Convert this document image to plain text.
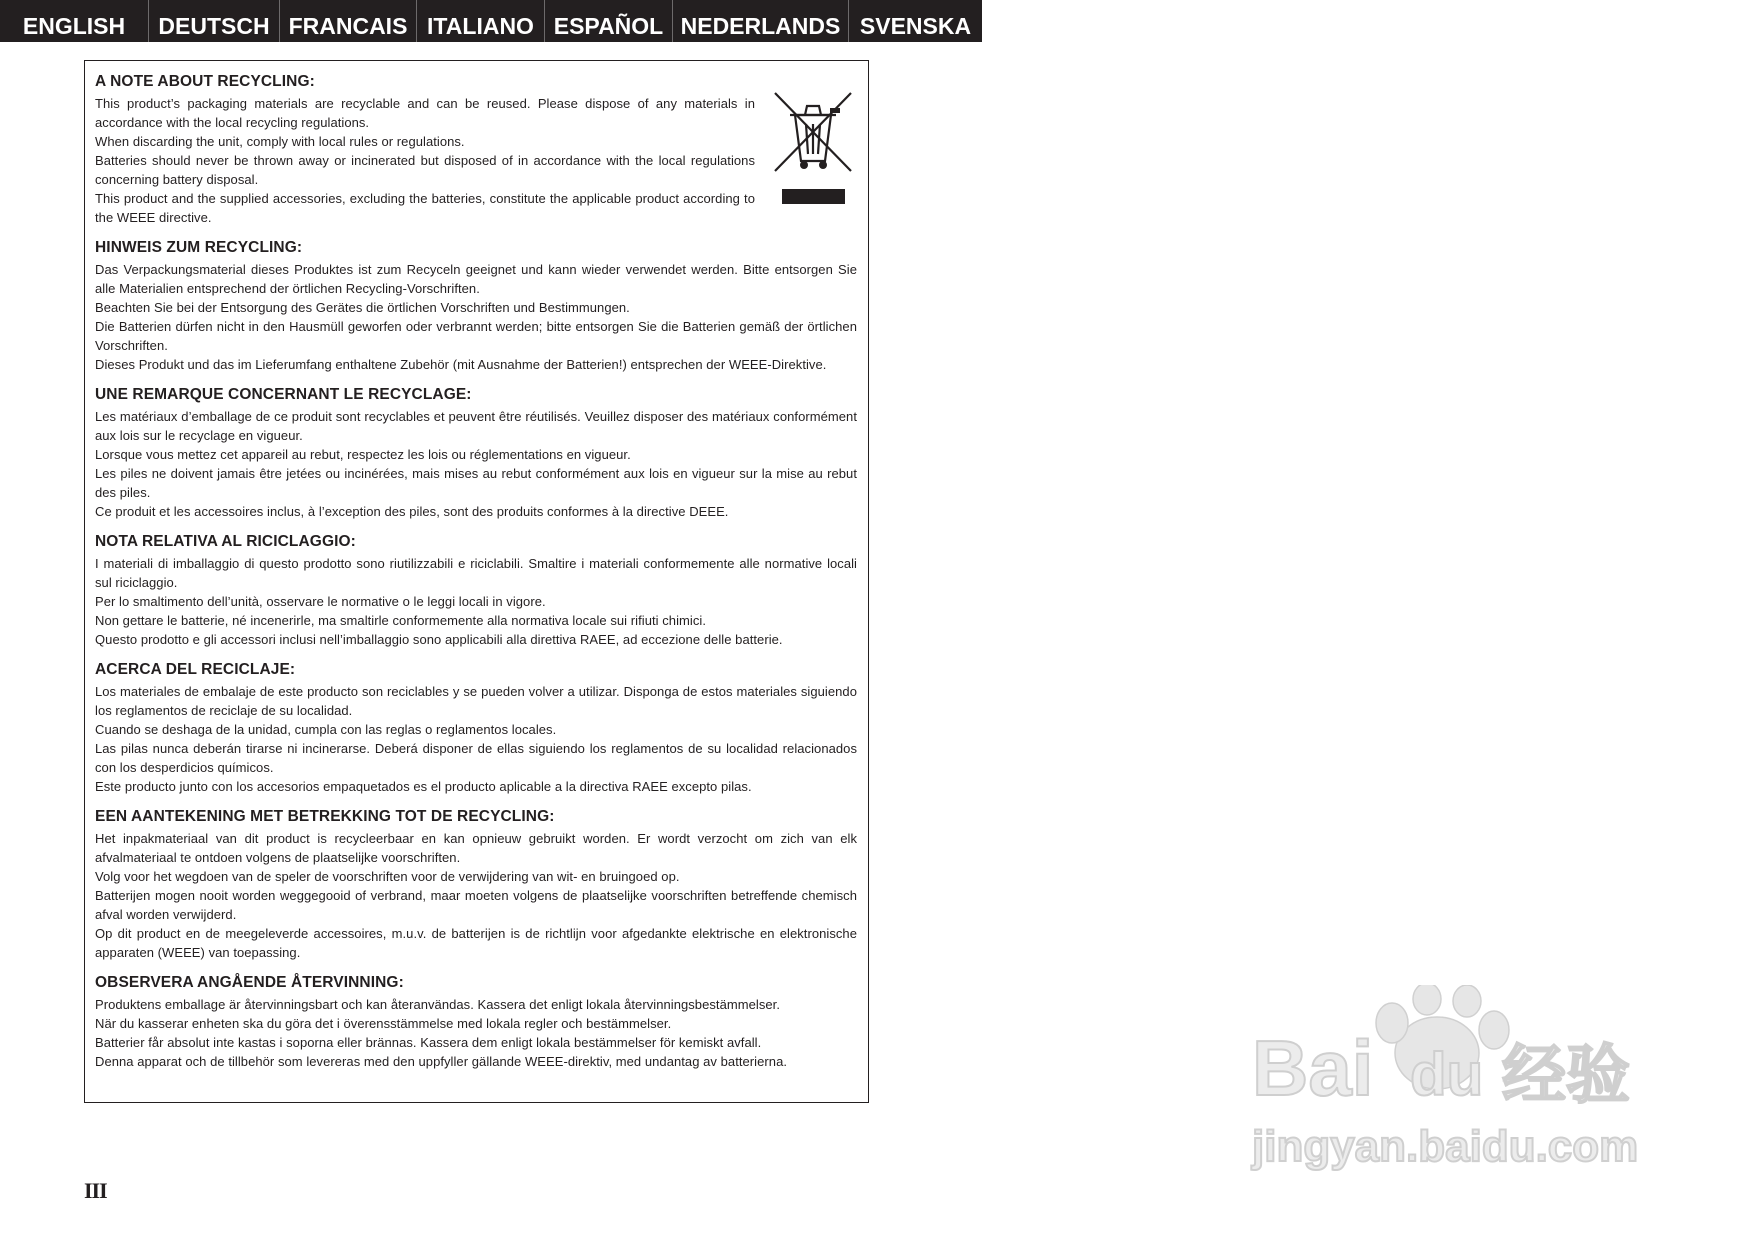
ENGLISH	DEUTSCH FRANCAIS ITALIANO ESPAÑOL NEDERLANDS SVENSKA
A NOTE ABOUT RECYCLING:

This product’s packaging materials are recyclable and can be reused. Please dispose of any materials in accordance with the local recycling regulations.

When discarding the unit, comply with local rules or regulations.

Batteries should never be thrown away or incinerated but disposed of in accordance with the local regulations concerning battery disposal.

This product and the supplied accessories, excluding the batteries, constitute the applicable product according to the WEEE directive.

HINWEIS ZUM RECYCLING:

Das Verpackungsmaterial dieses Produktes ist zum Recyceln geeignet und kann wieder verwendet werden. Bitte entsorgen Sie alle Materialien entsprechend der örtlichen Recycling-Vorschriften.

Beachten Sie bei der Entsorgung des Gerätes die örtlichen Vorschriften und Bestimmungen.

Die Batterien dürfen nicht in den Hausmüll geworfen oder verbrannt werden; bitte entsorgen Sie die Batterien gemäß der örtlichen Vorschriften.

Dieses Produkt und das im Lieferumfang enthaltene Zubehör (mit Ausnahme der Batterien!) entsprechen der WEEE-Direktive.

UNE REMARQUE CONCERNANT LE RECYCLAGE:

Les matériaux d’emballage de ce produit sont recyclables et peuvent être réutilisés. Veuillez disposer des matériaux conformément aux lois sur le recyclage en vigueur.

Lorsque vous mettez cet appareil au rebut, respectez les lois ou réglementations en vigueur.

Les piles ne doivent jamais être jetées ou incinérées, mais mises au rebut conformément aux lois en vigueur sur la mise au rebut des piles.

Ce produit et les accessoires inclus, à l’exception des piles, sont des produits conformes à la directive DEEE.

NOTA RELATIVA AL RICICLAGGIO:

I materiali di imballaggio di questo prodotto sono riutilizzabili e riciclabili. Smaltire i materiali conformemente alle normative locali sul riciclaggio.

Per lo smaltimento dell’unità, osservare le normative o le leggi locali in vigore.

Non gettare le batterie, né incenerirle, ma smaltirle conformemente alla normativa locale sui rifiuti chimici.

Questo prodotto e gli accessori inclusi nell’imballaggio sono applicabili alla direttiva RAEE, ad eccezione delle batterie.

ACERCA DEL RECICLAJE:

Los materiales de embalaje de este producto son reciclables y se pueden volver a utilizar. Disponga de estos materiales siguiendo los reglamentos de reciclaje de su localidad.

Cuando se deshaga de la unidad, cumpla con las reglas o reglamentos locales.

Las pilas nunca deberán tirarse ni incinerarse. Deberá disponer de ellas siguiendo los reglamentos de su localidad relacionados con los desperdicios químicos.

Este producto junto con los accesorios empaquetados es el producto aplicable a la directiva RAEE excepto pilas.

EEN AANTEKENING MET BETREKKING TOT DE RECYCLING:

Het inpakmateriaal van dit product is recycleerbaar en kan opnieuw gebruikt worden. Er wordt verzocht om zich van elk afvalmateriaal te ontdoen volgens de plaatselijke voorschriften.

Volg voor het wegdoen van de speler de voorschriften voor de verwijdering van wit- en bruingoed op.

Batterijen mogen nooit worden weggegooid of verbrand, maar moeten volgens de plaatselijke voorschriften betreffende chemisch afval worden verwijderd.

Op dit product en de meegeleverde accessoires, m.u.v. de batterijen is de richtlijn voor afgedankte elektrische en elektronische apparaten (WEEE) van toepassing.

OBSERVERA ANGÅENDE ÅTERVINNING:

Produktens emballage är återvinningsbart och kan återanvändas. Kassera det enligt lokala återvinningsbestämmelser.

När du kasserar enheten ska du göra det i överensstämmelse med lokala regler och bestämmelser.

Batterier får absolut inte kastas i soporna eller brännas. Kassera dem enligt lokala bestämmelser för kemiskt avfall.

Denna apparat och de tillbehör som levereras med den uppfyller gällande WEEE-direktiv, med undantag av batterierna.

III
Bai du 经验
jingyan.baidu.com
